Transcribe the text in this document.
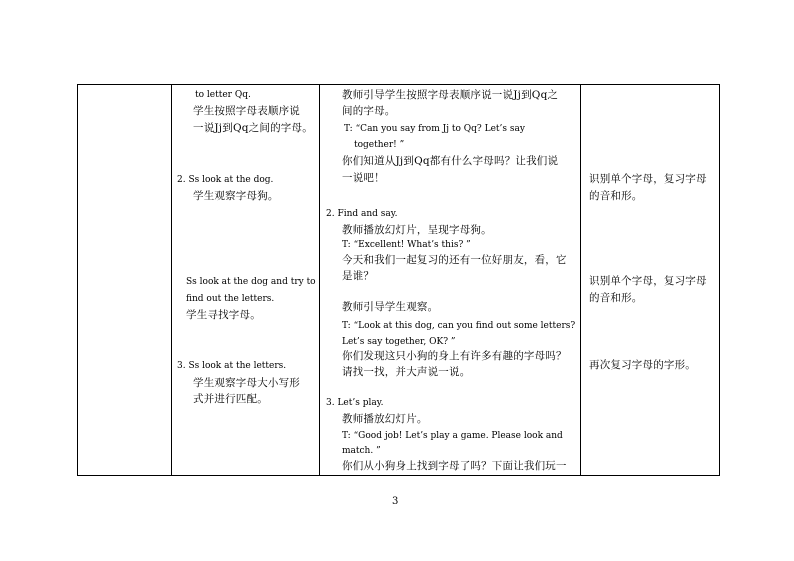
to letter Qq.
学生按照字母表顺序说
一说Jj到Qq之间的字母。
2. Ss look at the dog.
学生观察字母狗。
Ss look at the dog and try to
find out the letters.
学生寻找字母。
3. Ss look at the letters.
学生观察字母大小写形
式并进行匹配。
教师引导学生按照字母表顺序说一说Jj到Qq之
间的字母。
T: “Can you say from Jj to Qq? Let’s say
together! ”
你们知道从Jj到Qq都有什么字母吗？让我们说
一说吧！
2. Find and say.
教师播放幻灯片，呈现字母狗。
T: “Excellent! What’s this? ”
今天和我们一起复习的还有一位好朋友，看，它
是谁？
教师引导学生观察。
T: “Look at this dog, can you find out some letters?
Let’s say together, OK? ”
你们发现这只小狗的身上有许多有趣的字母吗？
请找一找，并大声说一说。
3. Let’s play.
教师播放幻灯片。
T: “Good job! Let’s play a game. Please look and
match. ”
你们从小狗身上找到字母了吗？下面让我们玩一
识别单个字母，复习字母
的音和形。
识别单个字母，复习字母
的音和形。
再次复习字母的字形。
3
